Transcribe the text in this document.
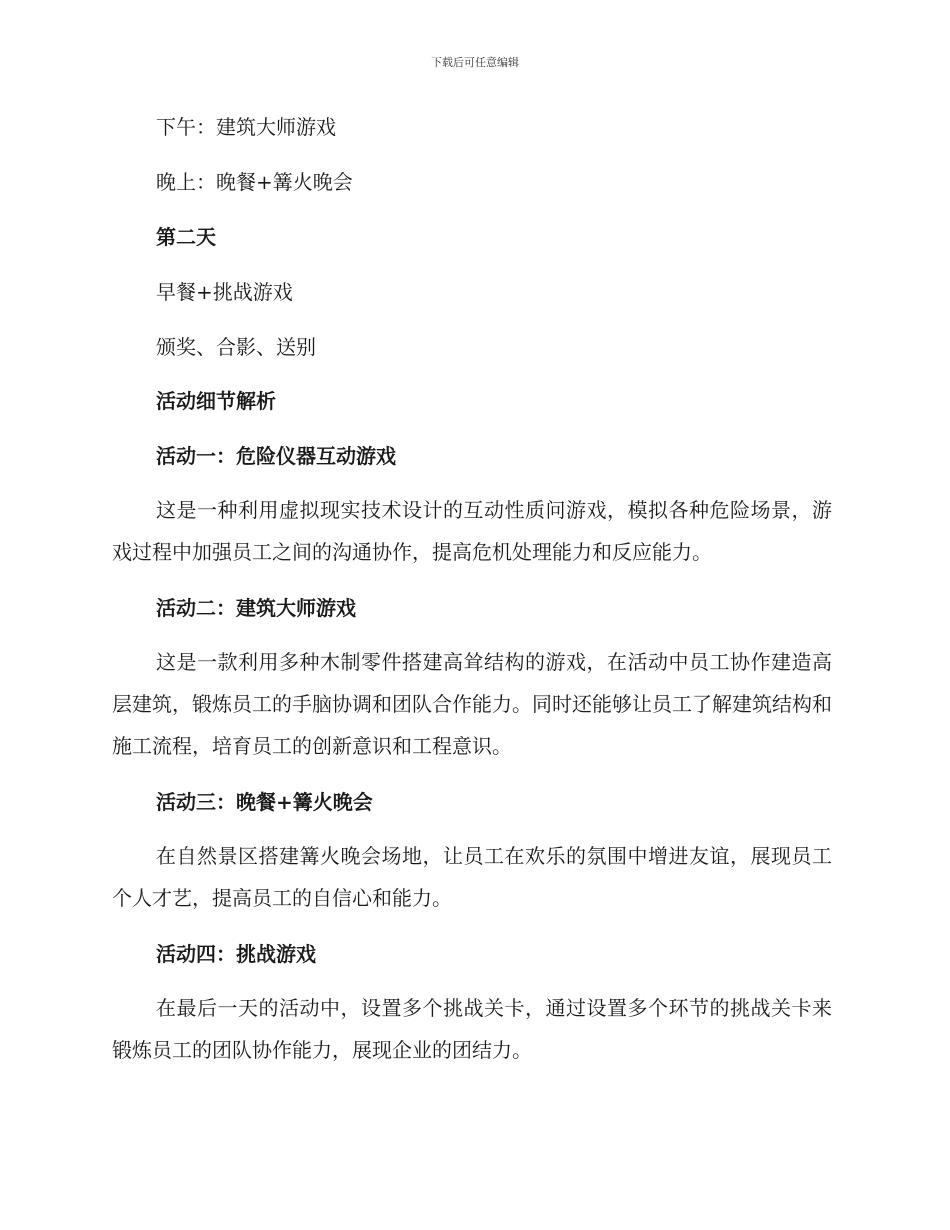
下载后可任意编辑
下午：建筑大师游戏
晚上：晚餐+篝火晚会
第二天
早餐+挑战游戏
颁奖、合影、送别
活动细节解析
活动一：危险仪器互动游戏
这是一种利用虚拟现实技术设计的互动性质问游戏，模拟各种危险场景，游戏过程中加强员工之间的沟通协作，提高危机处理能力和反应能力。
活动二：建筑大师游戏
这是一款利用多种木制零件搭建高耸结构的游戏，在活动中员工协作建造高层建筑，锻炼员工的手脑协调和团队合作能力。同时还能够让员工了解建筑结构和施工流程，培育员工的创新意识和工程意识。
活动三：晚餐+篝火晚会
在自然景区搭建篝火晚会场地，让员工在欢乐的氛围中增进友谊，展现员工个人才艺，提高员工的自信心和能力。
活动四：挑战游戏
在最后一天的活动中，设置多个挑战关卡，通过设置多个环节的挑战关卡来锻炼员工的团队协作能力，展现企业的团结力。
